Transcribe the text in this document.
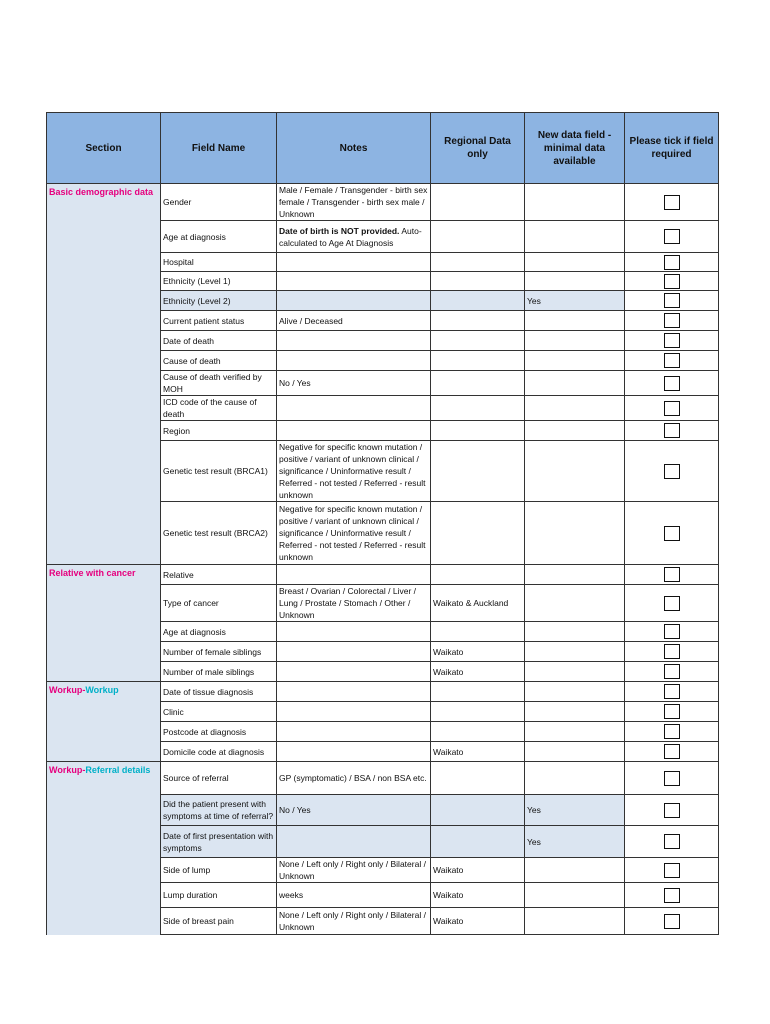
Section	Field Name	Notes	Regional Data only	New data field - minimal data available	Please tick if field required
Basic demographic data	Gender	Male / Female / Transgender - birth sex female / Transgender - birth sex male / Unknown			
	Age at diagnosis	Date of birth is NOT provided. Auto-calculated to Age At Diagnosis			
	Hospital				
	Ethnicity (Level 1)				
	Ethnicity (Level 2)			Yes	
	Current patient status	Alive / Deceased			
	Date of death				
	Cause of death				
	Cause of death verified by MOH	No / Yes			
	ICD code of the cause of death				
	Region				
	Genetic test result (BRCA1)	Negative for specific known mutation / positive / variant of unknown clinical / significance / Uninformative result / Referred - not tested / Referred - result unknown			
	Genetic test result (BRCA2)	Negative for specific known mutation / positive / variant of unknown clinical / significance / Uninformative result / Referred - not tested / Referred - result unknown			
Relative with cancer	Relative				
	Type of cancer	Breast / Ovarian / Colorectal / Liver / Lung / Prostate / Stomach / Other / Unknown	Waikato & Auckland		
	Age at diagnosis				
	Number of female siblings		Waikato		
	Number of male siblings		Waikato		
Workup-Workup	Date of tissue diagnosis				
	Clinic				
	Postcode at diagnosis				
	Domicile code at diagnosis		Waikato		
Workup-Referral details	Source of referral	GP (symptomatic) / BSA / non BSA etc.			
	Did the patient present with symptoms at time of referral?	No / Yes		Yes	
	Date of first presentation with symptoms			Yes	
	Side of lump	None / Left only / Right only / Bilateral / Unknown	Waikato		
	Lump duration	weeks	Waikato		
	Side of breast pain	None / Left only / Right only / Bilateral / Unknown	Waikato		
